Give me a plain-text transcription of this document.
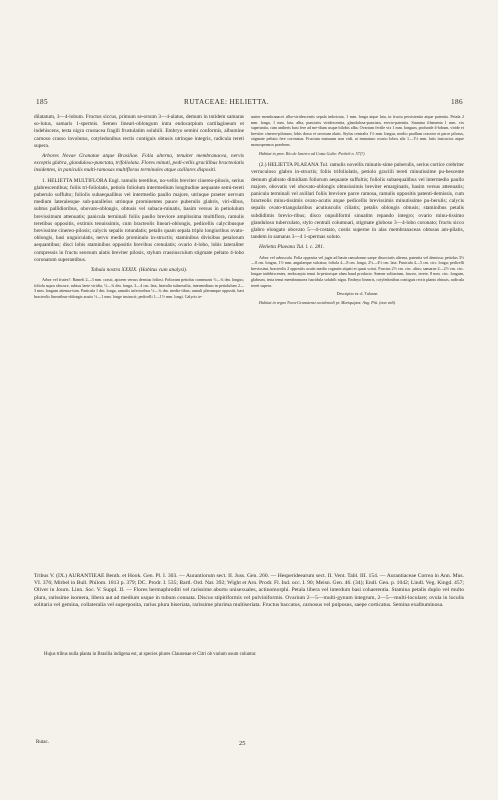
185	RUTACEAE: HELIETTA.	186

dilatatum, 3—4-lobum. Fructus siccus, primum se-orsum 3—4-alatus, demum in totidem samaras so-lutus, samaris 1-spermis. Semen lineari-oblongum intra endocarpium cartilagineum et indehiscens, testa nigra crustacea fragili frustulatim solubili. Embryo semini conformis, albumine carnoso crasso involutus, cotyledonibus rectis contiguis obtusis utrinque integris, radicula tereti supera.

Arbores Novae Granatae atque Brasiliae. Folia alterna, tenuiter membranacea, nervis exceptis glabra, glanduloso-punctata, trifoliolata. Flores minuti, pedi-cellis gracilibus bracteolatis insidentes, in paniculis multi-ramosas multiflorus terminales atque axillares dispositi.

1. HELIETTA MULTIFLORA Engl. ramulis teretibus, no-vellis breviter cinereo-pilosis, serius glabrescentibus; foliis tri-foliolatis, petiolo foliolum intermedium longitudine aequante semi-tereti puberulo suffulto; foliolis subaequalibus vel intermedio paullo majore, utrinque praeter nervum medium lateralesque sub-parallelos utrinque prominentes pauce puberulis glabris, viri-dibus, subtus pallidioribus, obovato-oblongis, obtusis vel subacu-minatis, basim versus in petiolulum brevissimum attenuatis; panicula terminali foliis paullo breviore amplissima multiflora, ramulis teretibus oppositis, extimis tenuissimis, cum bracteolis lineari-oblongis, pedicellis calycibusque brevissime cinereo-pilosis; calycis sepalis rotundatis; petalis quam sepala triplo longioribus ovato-oblongis, basi unguiculatis, nervo medio prominulo in-structis; staminibus divisibus petalorum aequantibus; disci lobis staminibus oppositis brevibus crenulatis; ovario 4-lobo, lobis lateraliter compressis in fructu seorsum alatis breviter pilosis, stylum crassiusculum stigmate peltato 4-lobo coronatum superantibus.

Tabula nostra XXXIX. (Habitus cum analysi).

Arbor vel frutex?. Rameli 2—3 mm. crassi, apicem versus densius foliosi. Foliorum petiolus communis ½—¾ dm. longus; foliola supra obscure, subtus laete viridia, ½—¾ dm. longa, 3—4 cm. lata, lateralia subsessilia, intermedium in petiolulum 2—3 mm. longum attenua-tum. Panicula 1 dm. longa, ramulis inferioribus ½—¾ dm. medio-tibus; ramuli plerumque oppositi, basi bracteolis linearibus-oblongis acutis ½—1 mm. longe instructi; pedicelli 1—1½ mm. longi. Calycis te-

nuiter membranacei albo-viridescentis sepala imbricata, 1 mm. longa atque lata, in fructu persistentia atque patentia. Petala 2 mm. longa, 1 mm. lata, alba, punctatis viridescentia, glandulosa-punctata, erecto-patentia. Stamina filamenta 1 mm. vix superantia, cum antheris basi fere ad me-dium usque bilobis alba. Ovarium fertile vix 1 mm. longum, profunde 4-lobum, viride et breviter cinereo-pilosum, lobis dorso et seorsum alatis. Stylus centralis 1½ mm. longus, medio paullum crassior et parce pilosus, stigmate peltato fere coronatus. Fructum maturum non vidi, at immaturo ovario lobos alis 1—1½ mm. latis instructos atque monospermos praebens.

Habitat in prov. Rio de Janeiro ad Costa Galto: Pechelt n. 57(?).

(2.) HELIETTA PLAEANA Tul. ramulis novellis minutis-sime puberulis, serius cortice crebriter verruculoso glabro in-structis; foliis trifoliolatis, petiolo graciili tereti minutissime pu-bescente demum glabrato dimidiam foliorum aequante suffultis; foliolis subaequalibus vel intermedio paullo majore, obovatis vel obovato-oblongis obtusissimis breviter emarginatis, basim versus attenuatis; panicula terminali vel axillari foliis breviore parce ramosa, ramulis oppositis patenti-demissis, cum bracteolis minu-tissimis ovato-acutis atque pedicellis brevissimis minutissime pu-berulis; calycis sepalis ovato-triangularibus acutiusculis ciliatis; petalis oblongis obtusis; staminibus petalis subdidimis brevio-ribus; disco onpuliformi sinuatim repando integro; ovario minu-tissimo glanduloso tuberculato, stylo centrali columnari, stigmate globoso 3—4-lobo coronato; fructu sicco glabro elongato obovato 5—4-costato, costis superne in alas membranaceas obtusas am-pliatis, tandem in samaras 3—4 1-spermas soluto.

Helietta Plaeana Tul. l. c. 281.

Arbor vel arbuscula. Folia opposita vel jugis ad basin ramulorum saepe dissociatis alterna, patentia vel demissa; petiolus 3½—8 cm. longus, 1½ mm. angulaeque sulcatus; foliola 4—8 cm. longa, 2½—4½ cm. lata. Panicula 4—5 cm. circ. longa; pedicelli brevissimi, bracteolis 2 oppositis acutis medio cognatis stipati et quasi scissi. Fructus 2½ cm. circ. altus; samarae 2—2½ cm. circ. longae indehiscentes, endocarpio tenui la-petiorique alam haud producto. Semen solitarium, fusceo, terete, 8 mm. circ. longum, glabrum, testa tenui membranacea fuscidula solubili nigra. Embryo linearis, cotyledonibus contiguis rectis planis obtusis, radicula tereti supera.

Descriptio ex cl. Tulasne.

Habitat in regno Nova-Granatensi occidentali pr. Mariquipas: Ang. Pitt. (non vidi).

Tribus V. (IX.) AURANTIEAE Benth. et Hook. Gen. Pl. I. 303. — Aurantiorum sect. II. Juss. Gen. 260. — Hesperideearum sect. II. Vent. Tabl. III. 154. — Aurantiaceae Correa in Ann. Mus. VI. 376; Mirbel in Bull. Philom. 1813 p. 379; DC. Prodr. I. 535; Bartl. Ord. Nat. 392; Wight et Arn. Prodr. Fl. Ind. occ. I. 90; Meisn. Gen. 46. (34); Endl. Gen. p. 1042; Lindl. Veg. Kingd. 457; Oliver in Journ. Linn. Soc. V. Suppl. II. — Flores hermaphroditi vel rarissime abortu unisexuales, actinomorphi. Petala libera vel interdum basi cohaerentia. Stamina petalis duplo vel multo plura, rarissime isomera, libera aut ad medium usque in tubum connata. Discus stipitiformis vel pulviniformis. Ovarium 2—5—multi-gynum integrum, 2—5—multi-loculare; ovula in loculis solitaria vel gemina, collateralia vel superposita, rarius plura biseriata, rarissime plurima multiseriata. Fructus baccatus, carnosus vel pulposus, saepe corticatus. Semina exalbuminosa.
Hujus tribus nulla planta in Brasilia indigena est, at species plures Clausenae et Citri ob varium usum coluntur.
Rutac.	25
